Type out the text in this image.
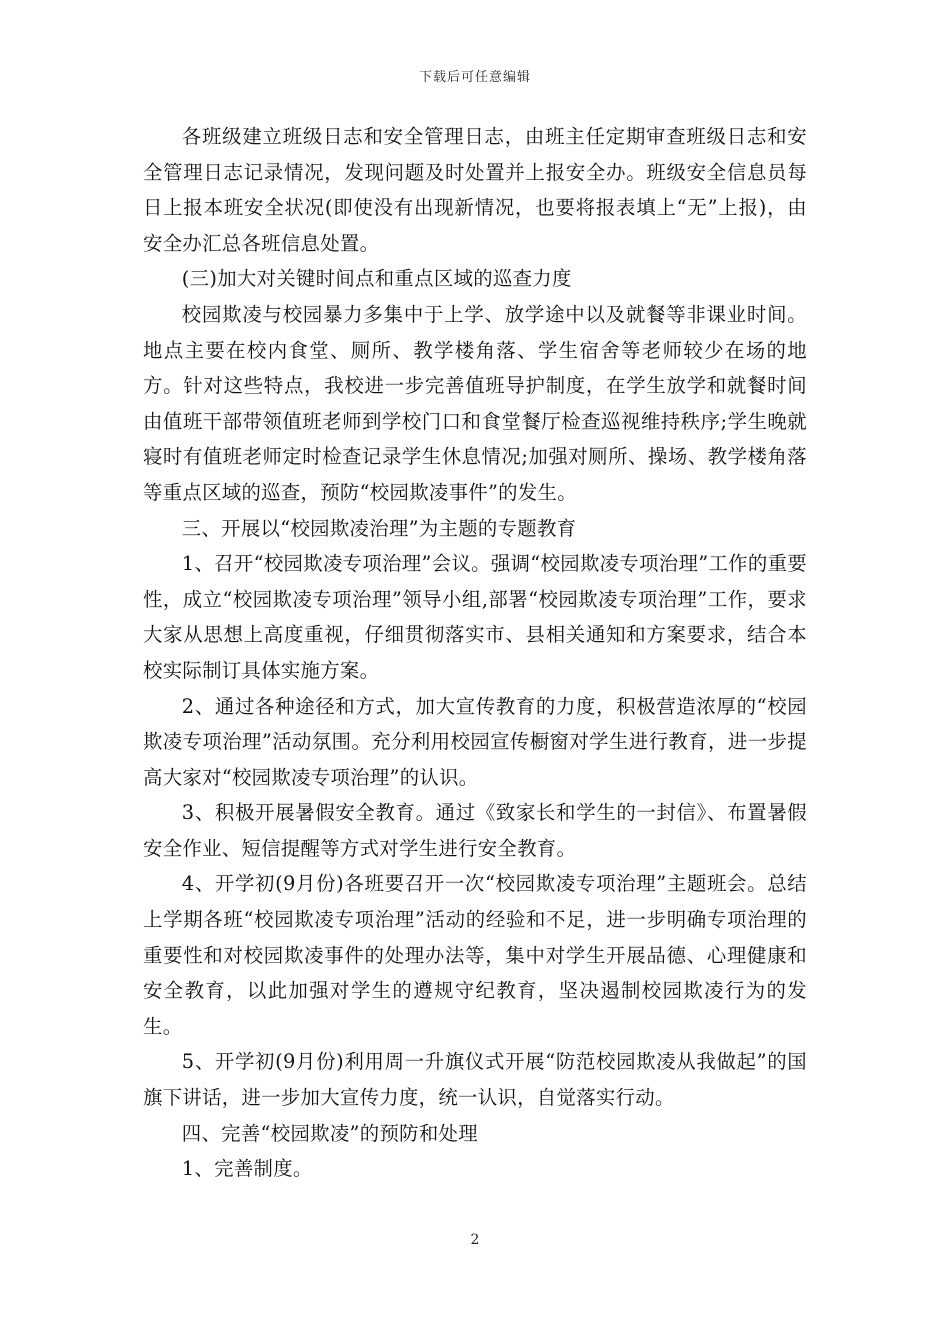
下载后可任意编辑

各班级建立班级日志和安全管理日志，由班主任定期审查班级日志和安全管理日志记录情况，发现问题及时处置并上报安全办。班级安全信息员每日上报本班安全状况(即使没有出现新情况，也要将报表填上“无”上报)，由安全办汇总各班信息处置。

(三)加大对关键时间点和重点区域的巡查力度

校园欺凌与校园暴力多集中于上学、放学途中以及就餐等非课业时间。地点主要在校内食堂、厕所、教学楼角落、学生宿舍等老师较少在场的地方。针对这些特点，我校进一步完善值班导护制度，在学生放学和就餐时间由值班干部带领值班老师到学校门口和食堂餐厅检查巡视维持秩序;学生晚就寝时有值班老师定时检查记录学生休息情况;加强对厕所、操场、教学楼角落等重点区域的巡查，预防“校园欺凌事件”的发生。

三、开展以“校园欺凌治理”为主题的专题教育

1、召开“校园欺凌专项治理”会议。强调“校园欺凌专项治理”工作的重要性，成立“校园欺凌专项治理”领导小组,部署“校园欺凌专项治理”工作，要求大家从思想上高度重视，仔细贯彻落实市、县相关通知和方案要求，结合本校实际制订具体实施方案。

2、通过各种途径和方式，加大宣传教育的力度，积极营造浓厚的“校园欺凌专项治理”活动氛围。充分利用校园宣传橱窗对学生进行教育，进一步提高大家对“校园欺凌专项治理”的认识。

3、积极开展暑假安全教育。通过《致家长和学生的一封信》、布置暑假安全作业、短信提醒等方式对学生进行安全教育。

4、开学初(9月份)各班要召开一次“校园欺凌专项治理”主题班会。总结上学期各班“校园欺凌专项治理”活动的经验和不足，进一步明确专项治理的重要性和对校园欺凌事件的处理办法等，集中对学生开展品德、心理健康和安全教育，以此加强对学生的遵规守纪教育，坚决遏制校园欺凌行为的发生。

5、开学初(9月份)利用周一升旗仪式开展“防范校园欺凌从我做起”的国旗下讲话，进一步加大宣传力度，统一认识，自觉落实行动。

四、完善“校园欺凌”的预防和处理

1、完善制度。

2
